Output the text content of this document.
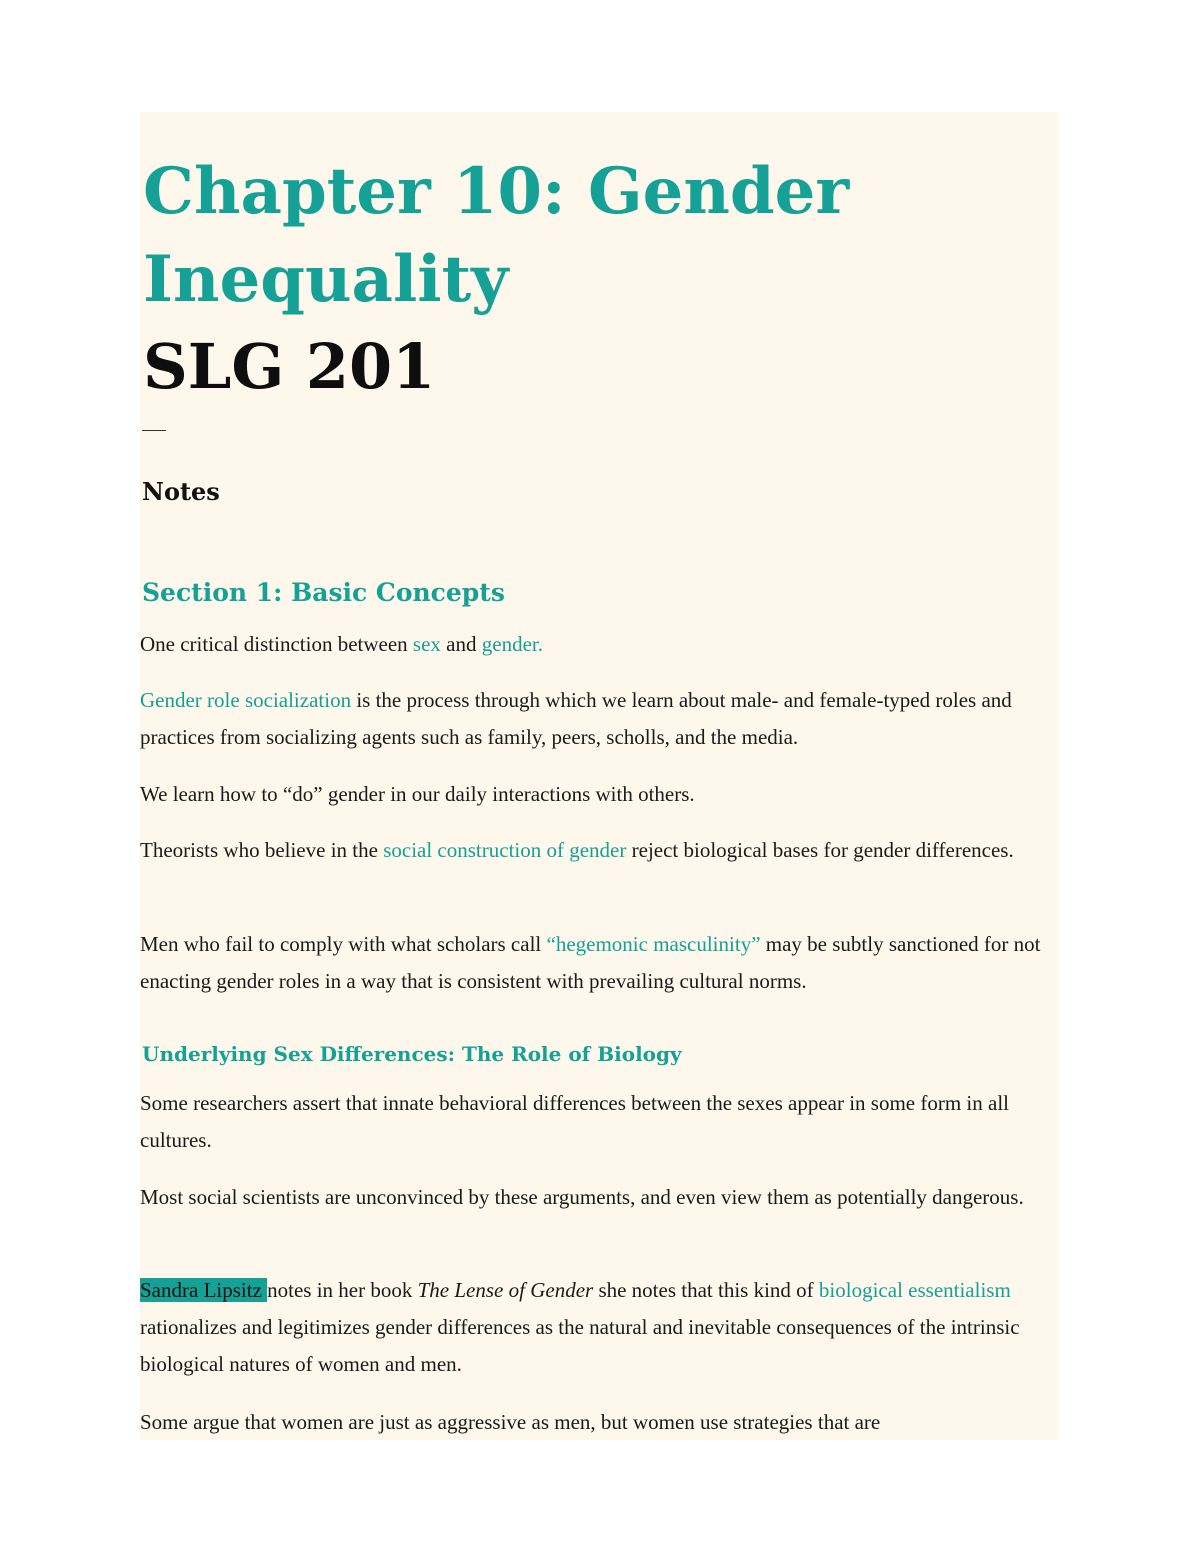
Chapter 10: Gender
Inequality
SLG 201
Notes
Section 1: Basic Concepts

One critical distinction between sex and gender.

Gender role socialization is the process through which we learn about male- and female-typed roles and practices from socializing agents such as family, peers, scholls, and the media.

We learn how to “do” gender in our daily interactions with others.

Theorists who believe in the social construction of gender reject biological bases for gender differences.

Men who fail to comply with what scholars call “hegemonic masculinity” may be subtly sanctioned for not enacting gender roles in a way that is consistent with prevailing cultural norms.

Underlying Sex Differences: The Role of Biology

Some researchers assert that innate behavioral differences between the sexes appear in some form in all cultures.

Most social scientists are unconvinced by these arguments, and even view them as potentially dangerous.

Sandra Lipsitz notes in her book The Lense of Gender she notes that this kind of biological essentialism rationalizes and legitimizes gender differences as the natural and inevitable consequences of the intrinsic biological natures of women and men.

Some argue that women are just as aggressive as men, but women use strategies that are
